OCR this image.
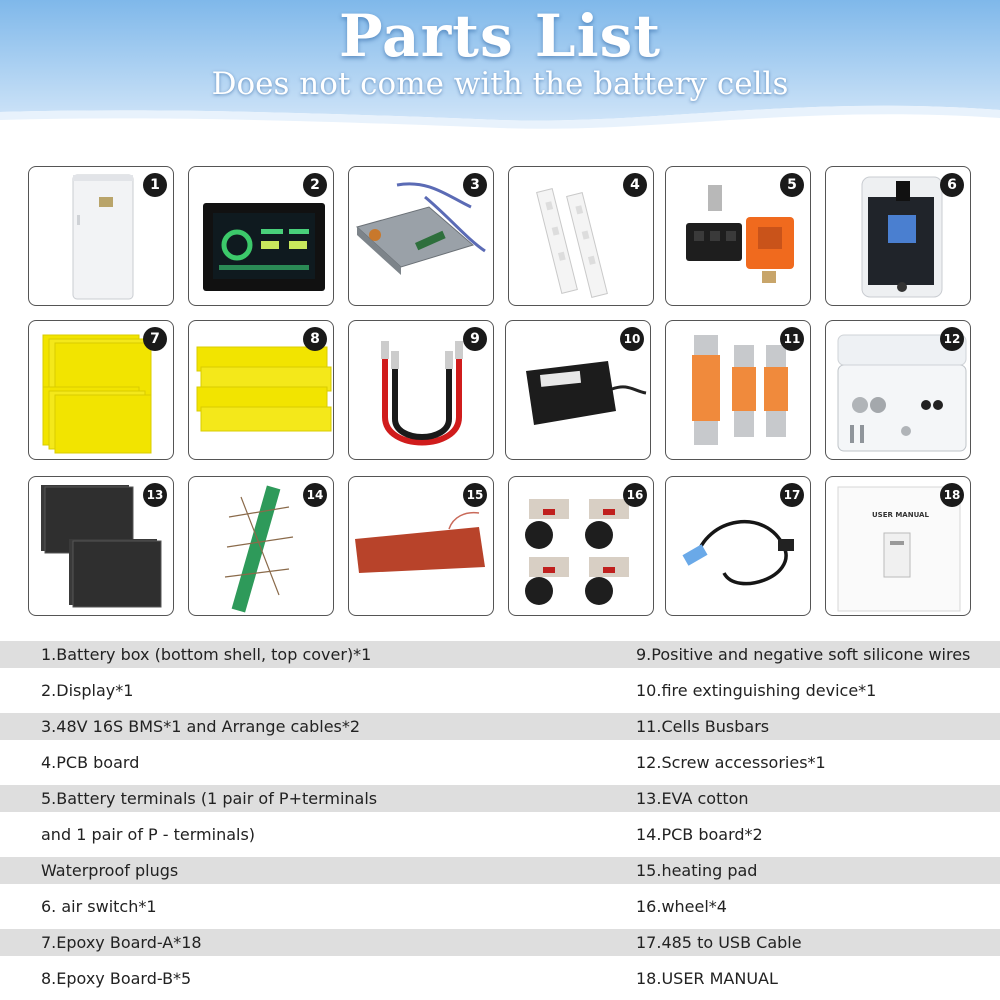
Parts List
Does not come with the battery cells
1	2	3	4	5	6
7	8	9	10	11	12
13	14	15	16	17
USER MANUAL
18
1.Battery box (bottom shell, top cover)*1	9.Positive and negative soft silicone wires
2.Display*1	10.fire extinguishing device*1
3.48V 16S BMS*1 and Arrange cables*2	11.Cells Busbars
4.PCB board	12.Screw accessories*1
5.Battery terminals (1 pair of P+terminals	13.EVA cotton
and 1 pair of P - terminals)	14.PCB board*2
Waterproof plugs	15.heating pad
6. air switch*1	16.wheel*4
7.Epoxy Board-A*18	17.485 to USB Cable
8.Epoxy Board-B*5	18.USER MANUAL
